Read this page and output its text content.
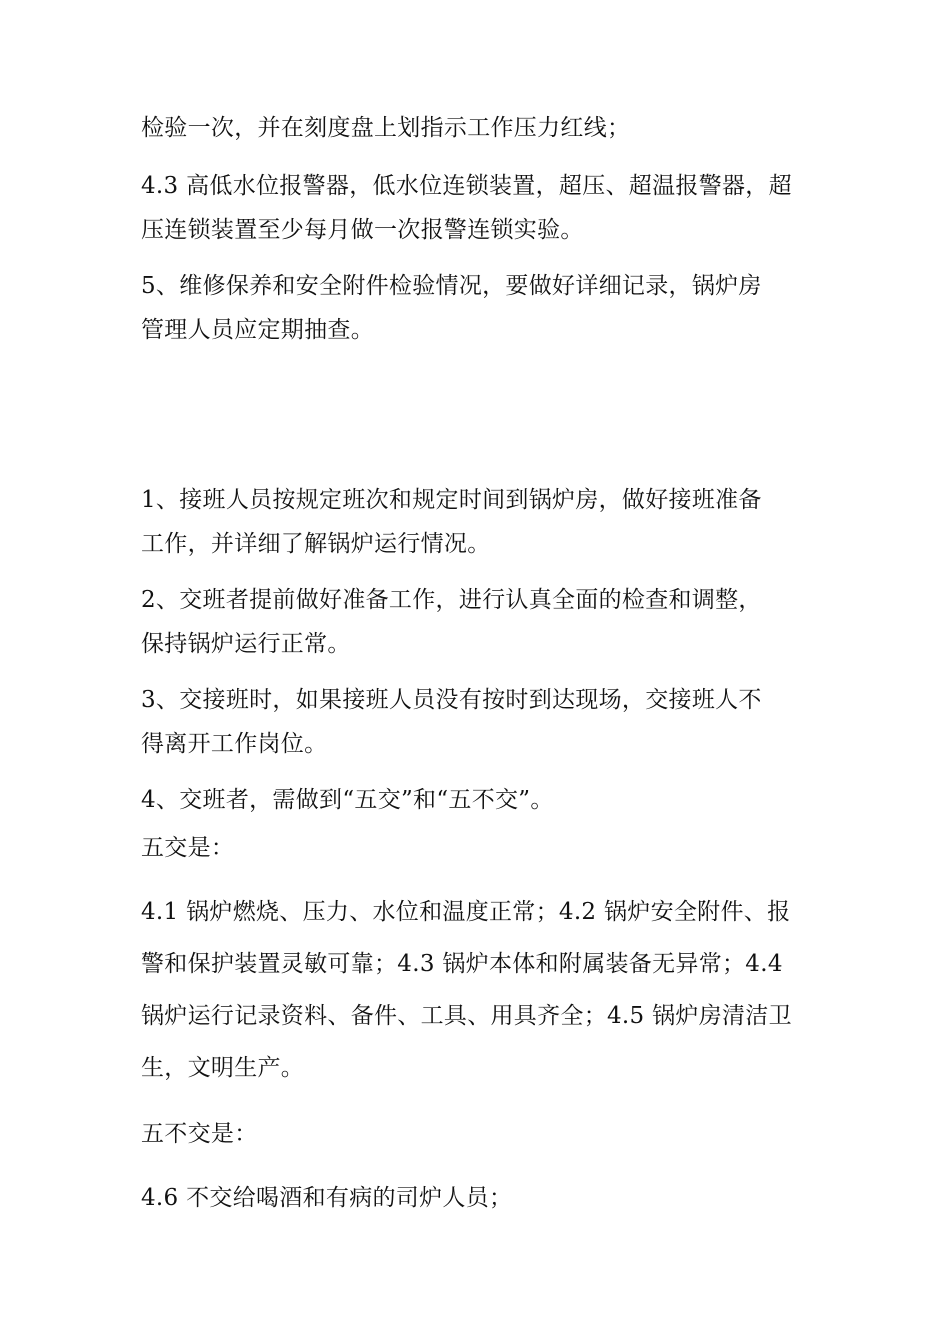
检验一次，并在刻度盘上划指示工作压力红线；

4.3 高低水位报警器，低水位连锁装置，超压、超温报警器，超
压连锁装置至少每月做一次报警连锁实验。

5、维修保养和安全附件检验情况，要做好详细记录，锅炉房
管理人员应定期抽查。

1、接班人员按规定班次和规定时间到锅炉房，做好接班准备
工作，并详细了解锅炉运行情况。

2、交班者提前做好准备工作，进行认真全面的检查和调整，
保持锅炉运行正常。

3、交接班时，如果接班人员没有按时到达现场，交接班人不
得离开工作岗位。

4、交班者，需做到“五交”和“五不交”。

五交是：

4.1 锅炉燃烧、压力、水位和温度正常；4.2 锅炉安全附件、报
警和保护装置灵敏可靠；4.3 锅炉本体和附属装备无异常；4.4
锅炉运行记录资料、备件、工具、用具齐全；4.5 锅炉房清洁卫
生，文明生产。

五不交是：

4.6 不交给喝酒和有病的司炉人员；
